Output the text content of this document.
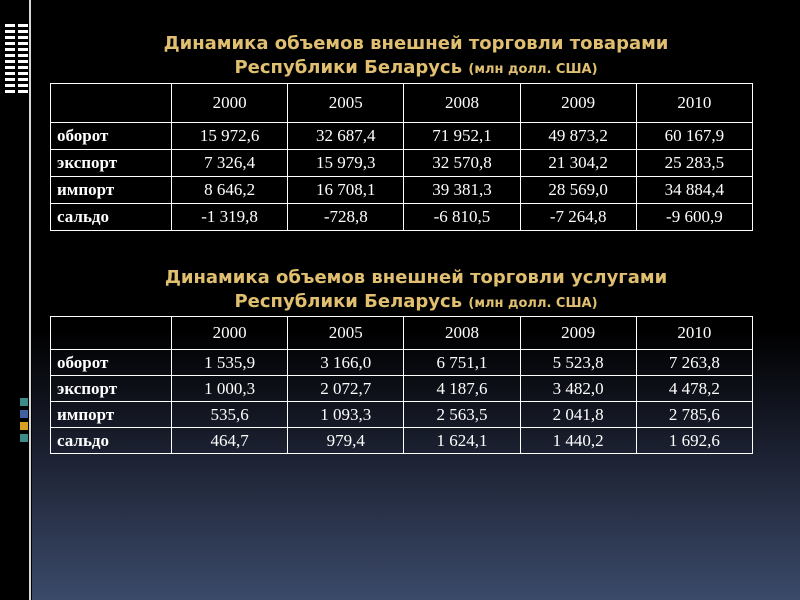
Динамика объемов внешней торговли товарами
Республики Беларусь (млн долл. США)
	2000	2005	2008	2009	2010
оборот	15 972,6	32 687,4	71 952,1	49 873,2	60 167,9
экспорт	7 326,4	15 979,3	32 570,8	21 304,2	25 283,5
импорт	8 646,2	16 708,1	39 381,3	28 569,0	34 884,4
сальдо	-1 319,8	-728,8	-6 810,5	-7 264,8	-9 600,9
Динамика объемов внешней торговли услугами
Республики Беларусь (млн долл. США)
	2000	2005	2008	2009	2010
оборот	1 535,9	3 166,0	6 751,1	5 523,8	7 263,8
экспорт	1 000,3	2 072,7	4 187,6	3 482,0	4 478,2
импорт	535,6	1 093,3	2 563,5	2 041,8	2 785,6
сальдо	464,7	979,4	1 624,1	1 440,2	1 692,6
